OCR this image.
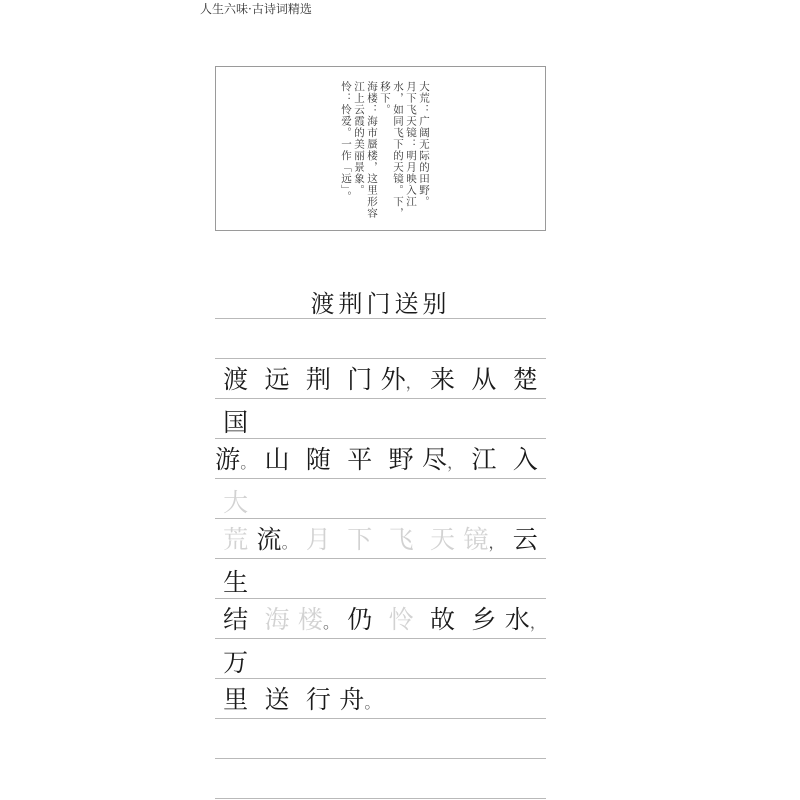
人生六味·古诗词精选

大荒：广阔无际的田野。

月下飞天镜：明月映入江水，如同飞下的天镜。下，移下。

海楼：海市蜃楼，这里形容江上云霞的美丽景象。

怜：怜爱。一作「远」。

渡荆门送别
渡 远 荆 门 外， 来 从 楚
国
游。 山 随 平 野 尽， 江 入
大
荒 流。 月 下 飞 天 镜， 云
生
结 海 楼。 仍 怜 故 乡 水，
万
里 送 行 舟。
